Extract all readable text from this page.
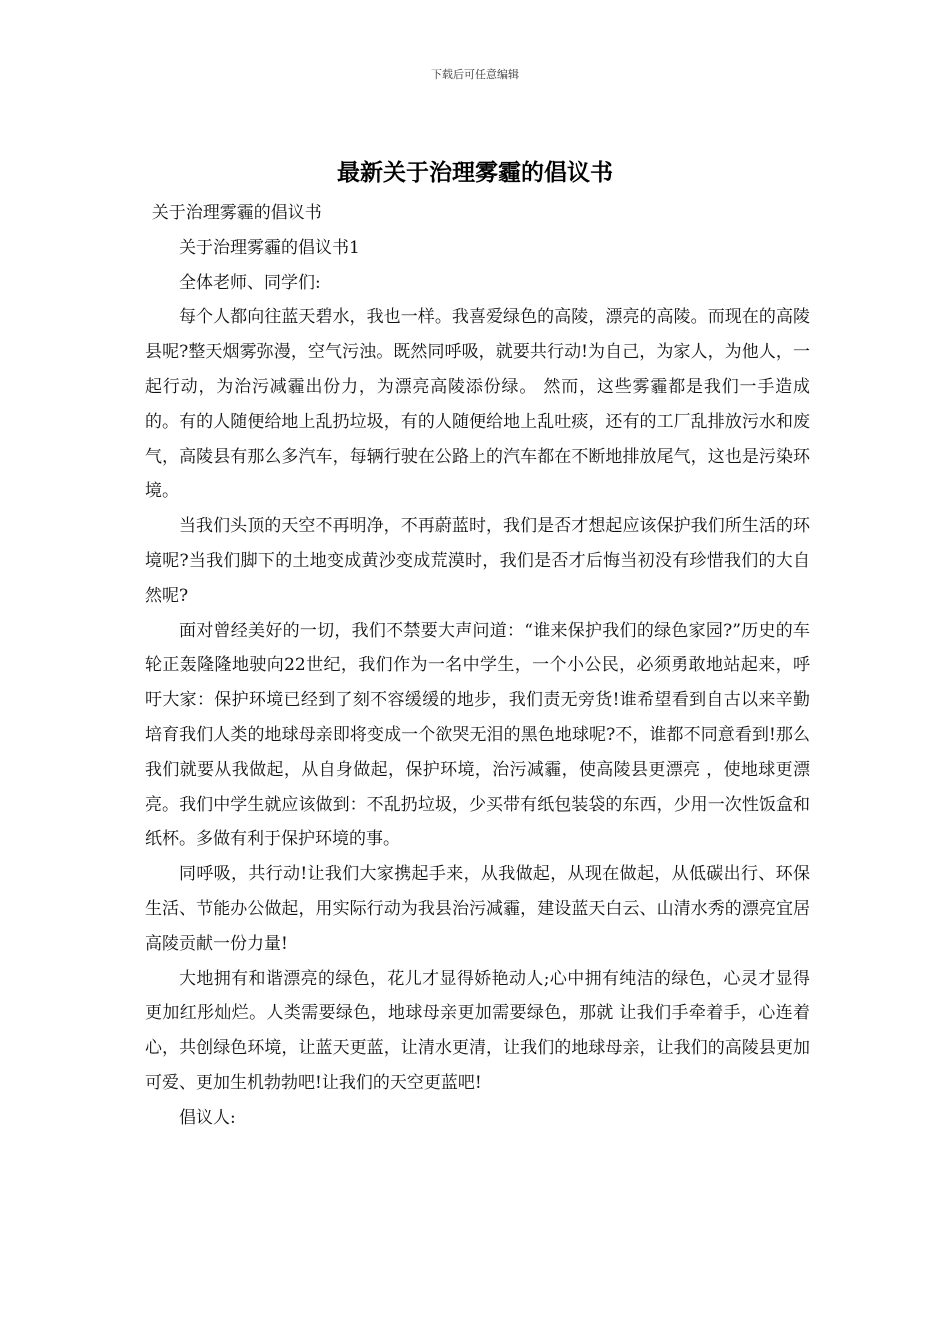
下载后可任意编辑
最新关于治理雾霾的倡议书

关于治理雾霾的倡议书

关于治理雾霾的倡议书1

全体老师、同学们:

每个人都向往蓝天碧水，我也一样。我喜爱绿色的高陵，漂亮的高陵。而现在的高陵县呢?整天烟雾弥漫，空气污浊。既然同呼吸，就要共行动!为自己，为家人，为他人，一起行动，为治污减霾出份力，为漂亮高陵添份绿。 然而，这些雾霾都是我们一手造成的。有的人随便给地上乱扔垃圾，有的人随便给地上乱吐痰，还有的工厂乱排放污水和废气，高陵县有那么多汽车，每辆行驶在公路上的汽车都在不断地排放尾气，这也是污染环境。

当我们头顶的天空不再明净，不再蔚蓝时，我们是否才想起应该保护我们所生活的环境呢?当我们脚下的土地变成黄沙变成荒漠时，我们是否才后悔当初没有珍惜我们的大自然呢?

面对曾经美好的一切，我们不禁要大声问道：“谁来保护我们的绿色家园?”历史的车轮正轰隆隆地驶向22世纪，我们作为一名中学生，一个小公民，必须勇敢地站起来，呼吁大家：保护环境已经到了刻不容缓缓的地步，我们责无旁货!谁希望看到自古以来辛勤培育我们人类的地球母亲即将变成一个欲哭无泪的黑色地球呢?不，谁都不同意看到!那么我们就要从我做起，从自身做起，保护环境，治污减霾，使高陵县更漂亮 ，使地球更漂亮。我们中学生就应该做到：不乱扔垃圾，少买带有纸包装袋的东西，少用一次性饭盒和纸杯。多做有利于保护环境的事。

同呼吸，共行动!让我们大家携起手来，从我做起，从现在做起，从低碳出行、环保生活、节能办公做起，用实际行动为我县治污减霾，建设蓝天白云、山清水秀的漂亮宜居高陵贡献一份力量!

大地拥有和谐漂亮的绿色，花儿才显得娇艳动人;心中拥有纯洁的绿色，心灵才显得更加红彤灿烂。人类需要绿色，地球母亲更加需要绿色，那就 让我们手牵着手，心连着心，共创绿色环境，让蓝天更蓝，让清水更清，让我们的地球母亲，让我们的高陵县更加可爱、更加生机勃勃吧!让我们的天空更蓝吧!

倡议人:
